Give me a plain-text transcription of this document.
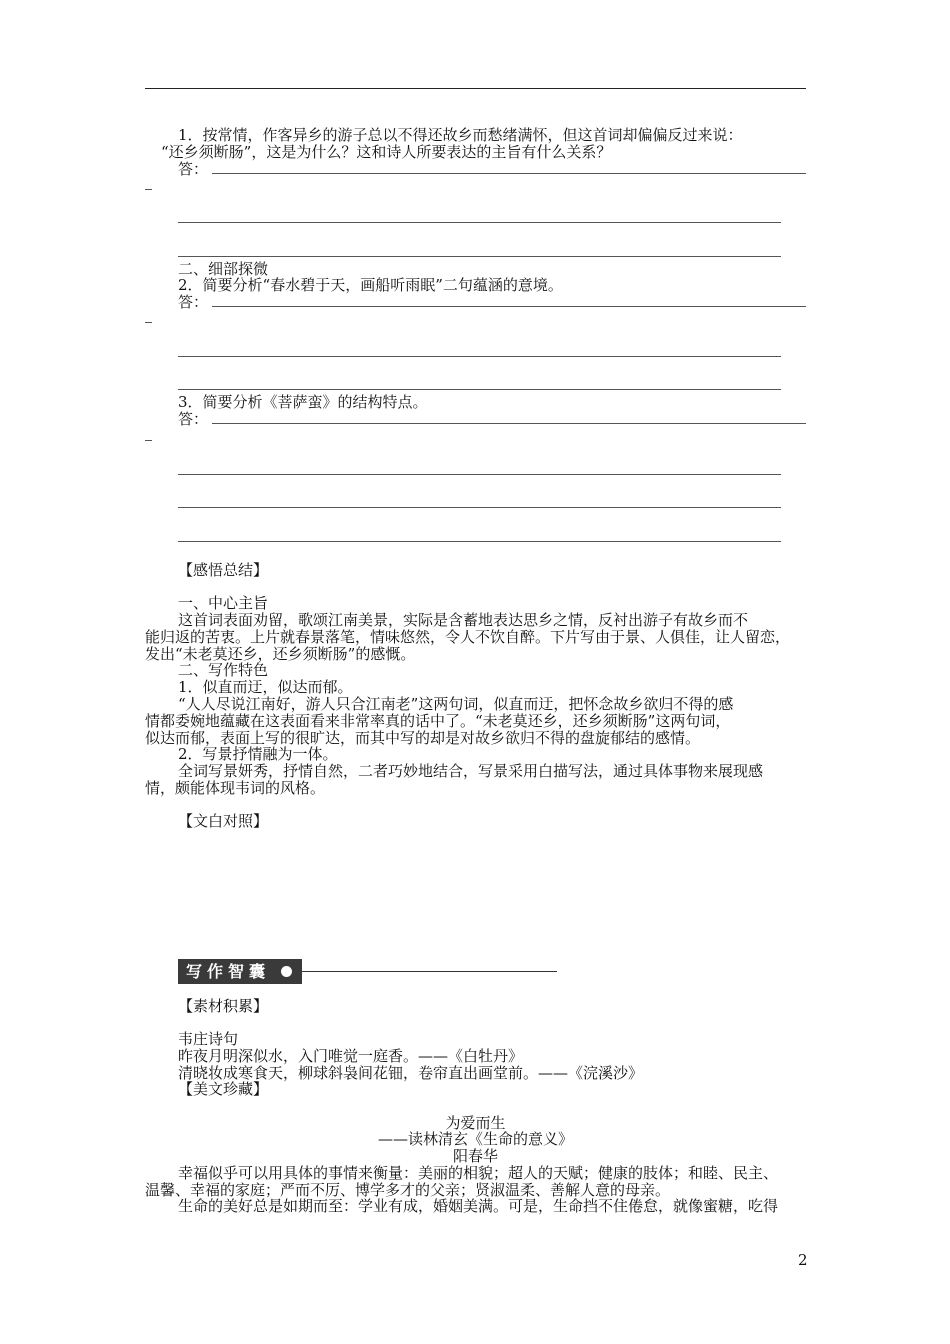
1．按常情，作客异乡的游子总以不得还故乡而愁绪满怀，但这首词却偏偏反过来说：
“还乡须断肠”，这是为什么？这和诗人所要表达的主旨有什么关系？
答：
二、细部探微
2．简要分析“春水碧于天，画船听雨眠”二句蕴涵的意境。
答：
3．简要分析《菩萨蛮》的结构特点。
答：
【感悟总结】
一、中心主旨
这首词表面劝留，歌颂江南美景，实际是含蓄地表达思乡之情，反衬出游子有故乡而不
能归返的苦衷。上片就春景落笔，情味悠然，令人不饮自醉。下片写由于景、人俱佳，让人留恋，
发出“未老莫还乡，还乡须断肠”的感慨。
二、写作特色
1．似直而迂，似达而郁。
“人人尽说江南好，游人只合江南老”这两句词，似直而迂，把怀念故乡欲归不得的感
情都委婉地蕴藏在这表面看来非常率真的话中了。“未老莫还乡，还乡须断肠”这两句词，
似达而郁，表面上写的很旷达，而其中写的却是对故乡欲归不得的盘旋郁结的感情。
2．写景抒情融为一体。
全词写景妍秀，抒情自然，二者巧妙地结合，写景采用白描写法，通过具体事物来展现感
情，颇能体现韦词的风格。
【文白对照】
写作智囊
【素材积累】
韦庄诗句
昨夜月明深似水，入门唯觉一庭香。——《白牡丹》
清晓妆成寒食天，柳球斜袅间花钿，卷帘直出画堂前。——《浣溪沙》
【美文珍藏】
为爱而生
——读林清玄《生命的意义》
阳春华
幸福似乎可以用具体的事情来衡量：美丽的相貌；超人的天赋；健康的肢体；和睦、民主、
温馨、幸福的家庭；严而不厉、博学多才的父亲；贤淑温柔、善解人意的母亲。
生命的美好总是如期而至：学业有成，婚姻美满。可是，生命挡不住倦怠，就像蜜糖，吃得
2
